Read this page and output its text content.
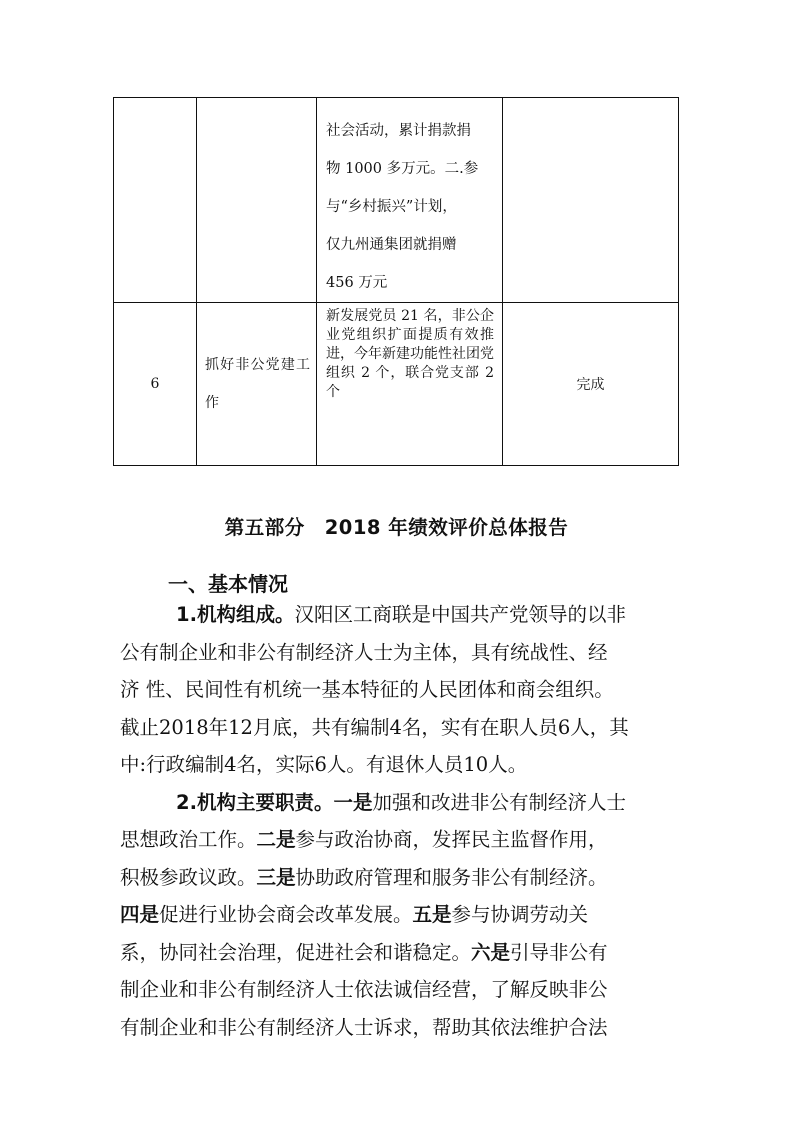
		社会活动，累计捐款捐
物 1000 多万元。二.参
与“乡村振兴”计划，
仅九州通集团就捐赠
456 万元	

6	抓好非公党建工作	新发展党员 21 名，非公企业党组织扩面提质有效推进，今年新建功能性社团党组织 2 个，联合党支部 2 个	完成
第五部分　2018 年绩效评价总体报告
一、基本情况
1.机构组成。汉阳区工商联是中国共产党领导的以非
公有制企业和非公有制经济人士为主体，具有统战性、经
济 性、民间性有机统一基本特征的人民团体和商会组织。
截止2018年12月底，共有编制4名，实有在职人员6人，其
中:行政编制4名，实际6人。有退休人员10人。
2.机构主要职责。一是加强和改进非公有制经济人士
思想政治工作。二是参与政治协商，发挥民主监督作用，
积极参政议政。三是协助政府管理和服务非公有制经济。
四是促进行业协会商会改革发展。五是参与协调劳动关
系，协同社会治理，促进社会和谐稳定。六是引导非公有
制企业和非公有制经济人士依法诚信经营，了解反映非公
有制企业和非公有制经济人士诉求，帮助其依法维护合法
